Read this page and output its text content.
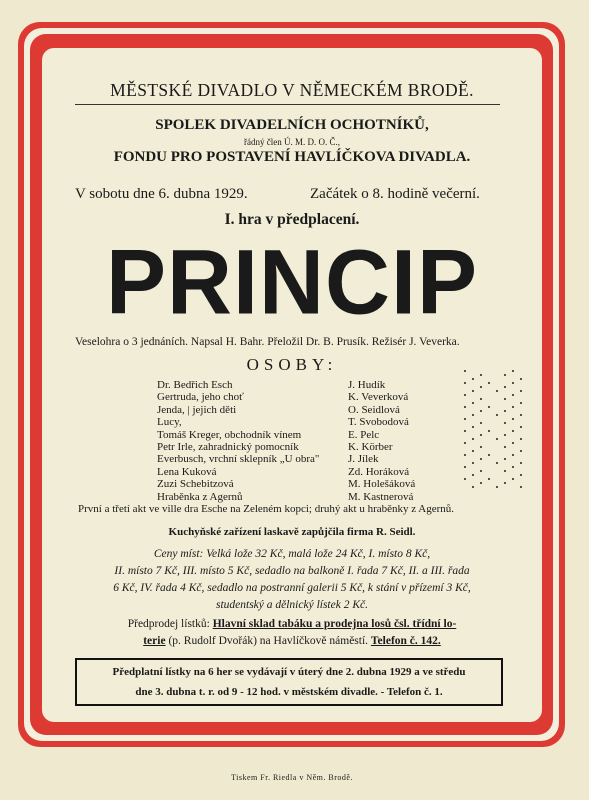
MĚSTSKÉ DIVADLO V NĚMECKÉM BRODĚ.
SPOLEK DIVADELNÍCH OCHOTNÍKŮ,
řádný člen Ú. M. D. O. Č.,
FONDU PRO POSTAVENÍ HAVLÍČKOVA DIVADLA.
V sobotu dne 6. dubna 1929.	Začátek o 8. hodině večerní.
I. hra v předplacení.
PRINCIP
Veselohra o 3 jednáních. Napsal H. Bahr. Přeložil Dr. B. Prusík. Režisér J. Veverka.
OSOBY:
Dr. Bedřich Esch	J. Hudík
Gertruda, jeho choť	K. Veverková
Jenda, | jejich děti	O. Seidlová
Lucy,	T. Svobodová
Tomáš Kreger, obchodník vínem	E. Pelc
Petr Irle, zahradnický pomocník	K. Körber
Everbusch, vrchní sklepník „U obra"	J. Jílek
Lena Kuková	Zd. Horáková
Zuzi Schebitzová	M. Holešáková
Hraběnka z Agernů	M. Kastnerová
První a třetí akt ve ville dra Esche na Zeleném kopci; druhý akt u hraběnky z Agernů.
Kuchyňské zařízení laskavě zapůjčila firma R. Seidl.
Ceny míst: Velká lože 32 Kč, malá lože 24 Kč, I. místo 8 Kč,
II. místo 7 Kč, III. místo 5 Kč, sedadlo na balkoně I. řada 7 Kč, II. a III. řada
6 Kč, IV. řada 4 Kč, sedadlo na postranní galerii 5 Kč, k stání v přízemí 3 Kč,
studentský a dělnický lístek 2 Kč.
Předprodej lístků: Hlavní sklad tabáku a prodejna losů čsl. třídní lo-
terie (p. Rudolf Dvořák) na Havlíčkově náměstí. Telefon č. 142.
Předplatní lístky na 6 her se vydávají v úterý dne 2. dubna 1929 a ve středu
dne 3. dubna t. r. od 9 - 12 hod. v městském divadle. - Telefon č. 1.
Tiskem Fr. Riedla v Něm. Brodě.
